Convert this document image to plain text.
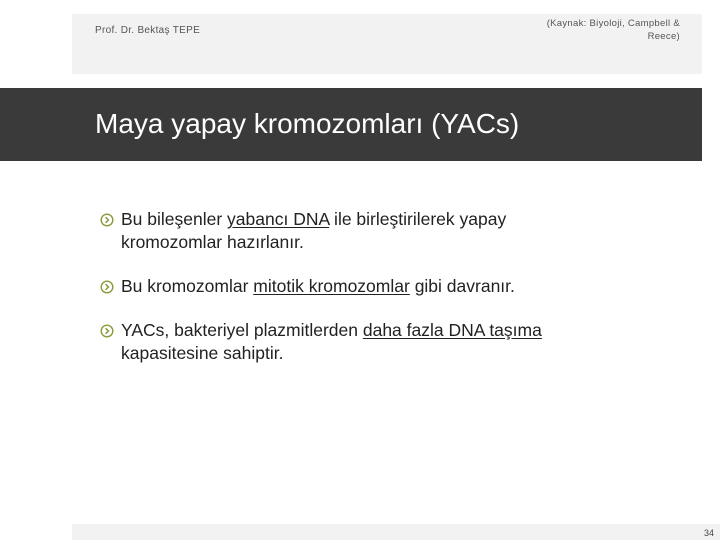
Prof. Dr. Bektaş TEPE
(Kaynak: Biyoloji, Campbell &
Reece)
Maya yapay kromozomları (YACs)
Bu bileşenler yabancı DNA ile birleştirilerek yapay
kromozomlar hazırlanır.
Bu kromozomlar mitotik kromozomlar gibi davranır.
YACs, bakteriyel plazmitlerden daha fazla DNA taşıma
kapasitesine sahiptir.
34
